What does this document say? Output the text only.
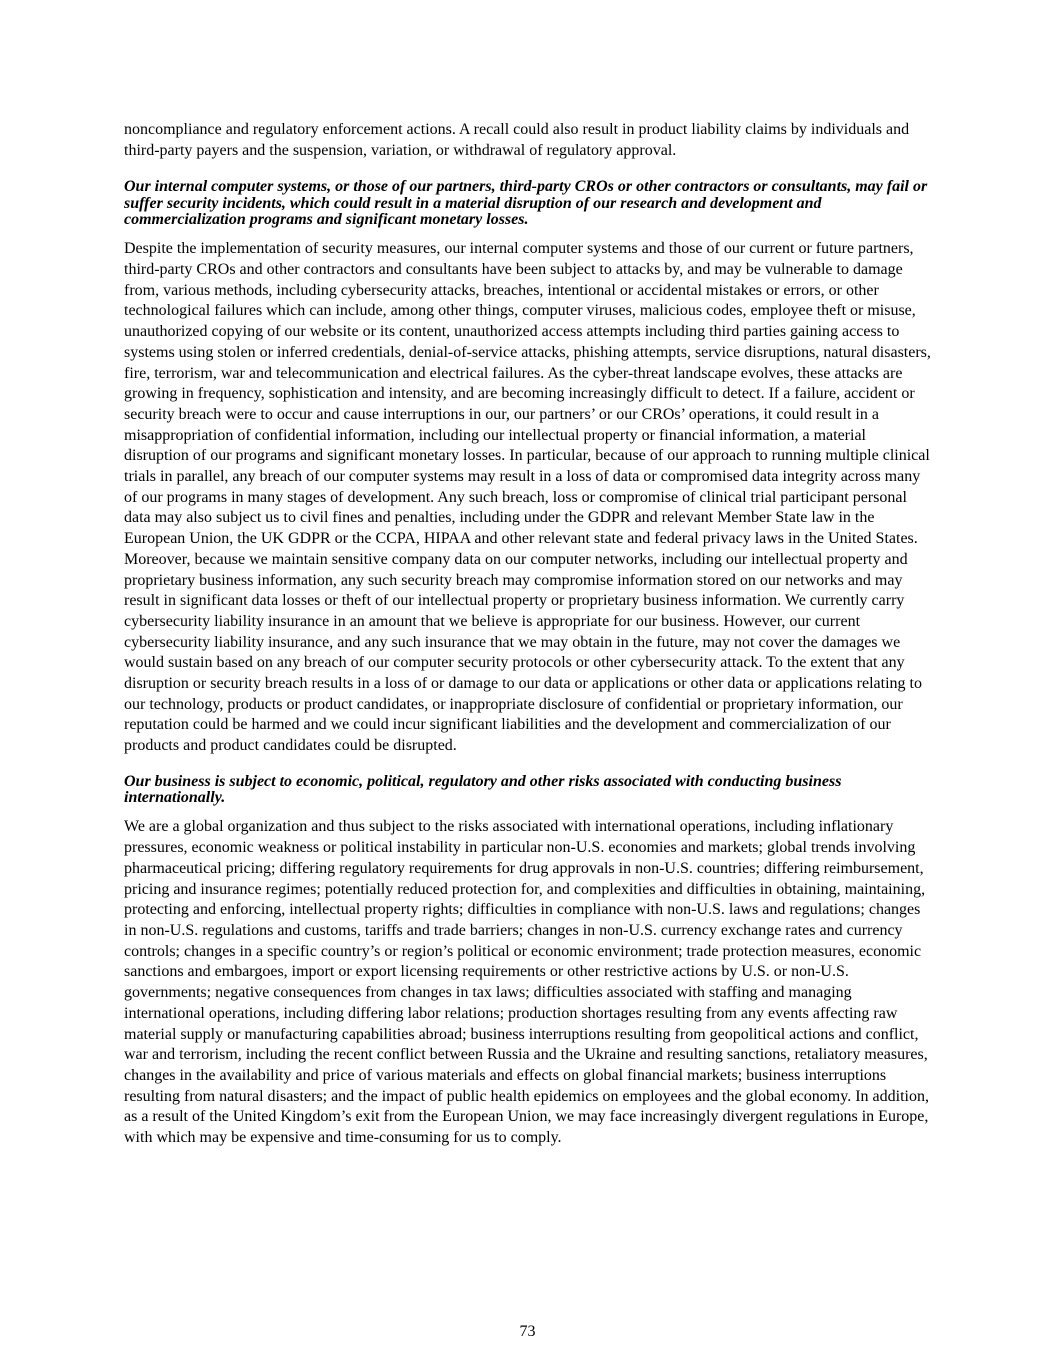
noncompliance and regulatory enforcement actions. A recall could also result in product liability claims by individuals and third-party payers and the suspension, variation, or withdrawal of regulatory approval.

Our internal computer systems, or those of our partners, third-party CROs or other contractors or consultants, may fail or suffer security incidents, which could result in a material disruption of our research and development and commercialization programs and significant monetary losses.

Despite the implementation of security measures, our internal computer systems and those of our current or future partners, third-party CROs and other contractors and consultants have been subject to attacks by, and may be vulnerable to damage from, various methods, including cybersecurity attacks, breaches, intentional or accidental mistakes or errors, or other technological failures which can include, among other things, computer viruses, malicious codes, employee theft or misuse, unauthorized copying of our website or its content, unauthorized access attempts including third parties gaining access to systems using stolen or inferred credentials, denial-of-service attacks, phishing attempts, service disruptions, natural disasters, fire, terrorism, war and telecommunication and electrical failures. As the cyber-threat landscape evolves, these attacks are growing in frequency, sophistication and intensity, and are becoming increasingly difficult to detect. If a failure, accident or security breach were to occur and cause interruptions in our, our partners’ or our CROs’ operations, it could result in a misappropriation of confidential information, including our intellectual property or financial information, a material disruption of our programs and significant monetary losses. In particular, because of our approach to running multiple clinical trials in parallel, any breach of our computer systems may result in a loss of data or compromised data integrity across many of our programs in many stages of development. Any such breach, loss or compromise of clinical trial participant personal data may also subject us to civil fines and penalties, including under the GDPR and relevant Member State law in the European Union, the UK GDPR or the CCPA, HIPAA and other relevant state and federal privacy laws in the United States. Moreover, because we maintain sensitive company data on our computer networks, including our intellectual property and proprietary business information, any such security breach may compromise information stored on our networks and may result in significant data losses or theft of our intellectual property or proprietary business information. We currently carry cybersecurity liability insurance in an amount that we believe is appropriate for our business. However, our current cybersecurity liability insurance, and any such insurance that we may obtain in the future, may not cover the damages we would sustain based on any breach of our computer security protocols or other cybersecurity attack. To the extent that any disruption or security breach results in a loss of or damage to our data or applications or other data or applications relating to our technology, products or product candidates, or inappropriate disclosure of confidential or proprietary information, our reputation could be harmed and we could incur significant liabilities and the development and commercialization of our products and product candidates could be disrupted.

Our business is subject to economic, political, regulatory and other risks associated with conducting business internationally.

We are a global organization and thus subject to the risks associated with international operations, including inflationary pressures, economic weakness or political instability in particular non-U.S. economies and markets; global trends involving pharmaceutical pricing; differing regulatory requirements for drug approvals in non-U.S. countries; differing reimbursement, pricing and insurance regimes; potentially reduced protection for, and complexities and difficulties in obtaining, maintaining, protecting and enforcing, intellectual property rights; difficulties in compliance with non-U.S. laws and regulations; changes in non-U.S. regulations and customs, tariffs and trade barriers; changes in non-U.S. currency exchange rates and currency controls; changes in a specific country’s or region’s political or economic environment; trade protection measures, economic sanctions and embargoes, import or export licensing requirements or other restrictive actions by U.S. or non-U.S. governments; negative consequences from changes in tax laws; difficulties associated with staffing and managing international operations, including differing labor relations; production shortages resulting from any events affecting raw material supply or manufacturing capabilities abroad; business interruptions resulting from geopolitical actions and conflict, war and terrorism, including the recent conflict between Russia and the Ukraine and resulting sanctions, retaliatory measures, changes in the availability and price of various materials and effects on global financial markets; business interruptions resulting from natural disasters; and the impact of public health epidemics on employees and the global economy. In addition, as a result of the United Kingdom’s exit from the European Union, we may face increasingly divergent regulations in Europe, with which may be expensive and time-consuming for us to comply.

73
